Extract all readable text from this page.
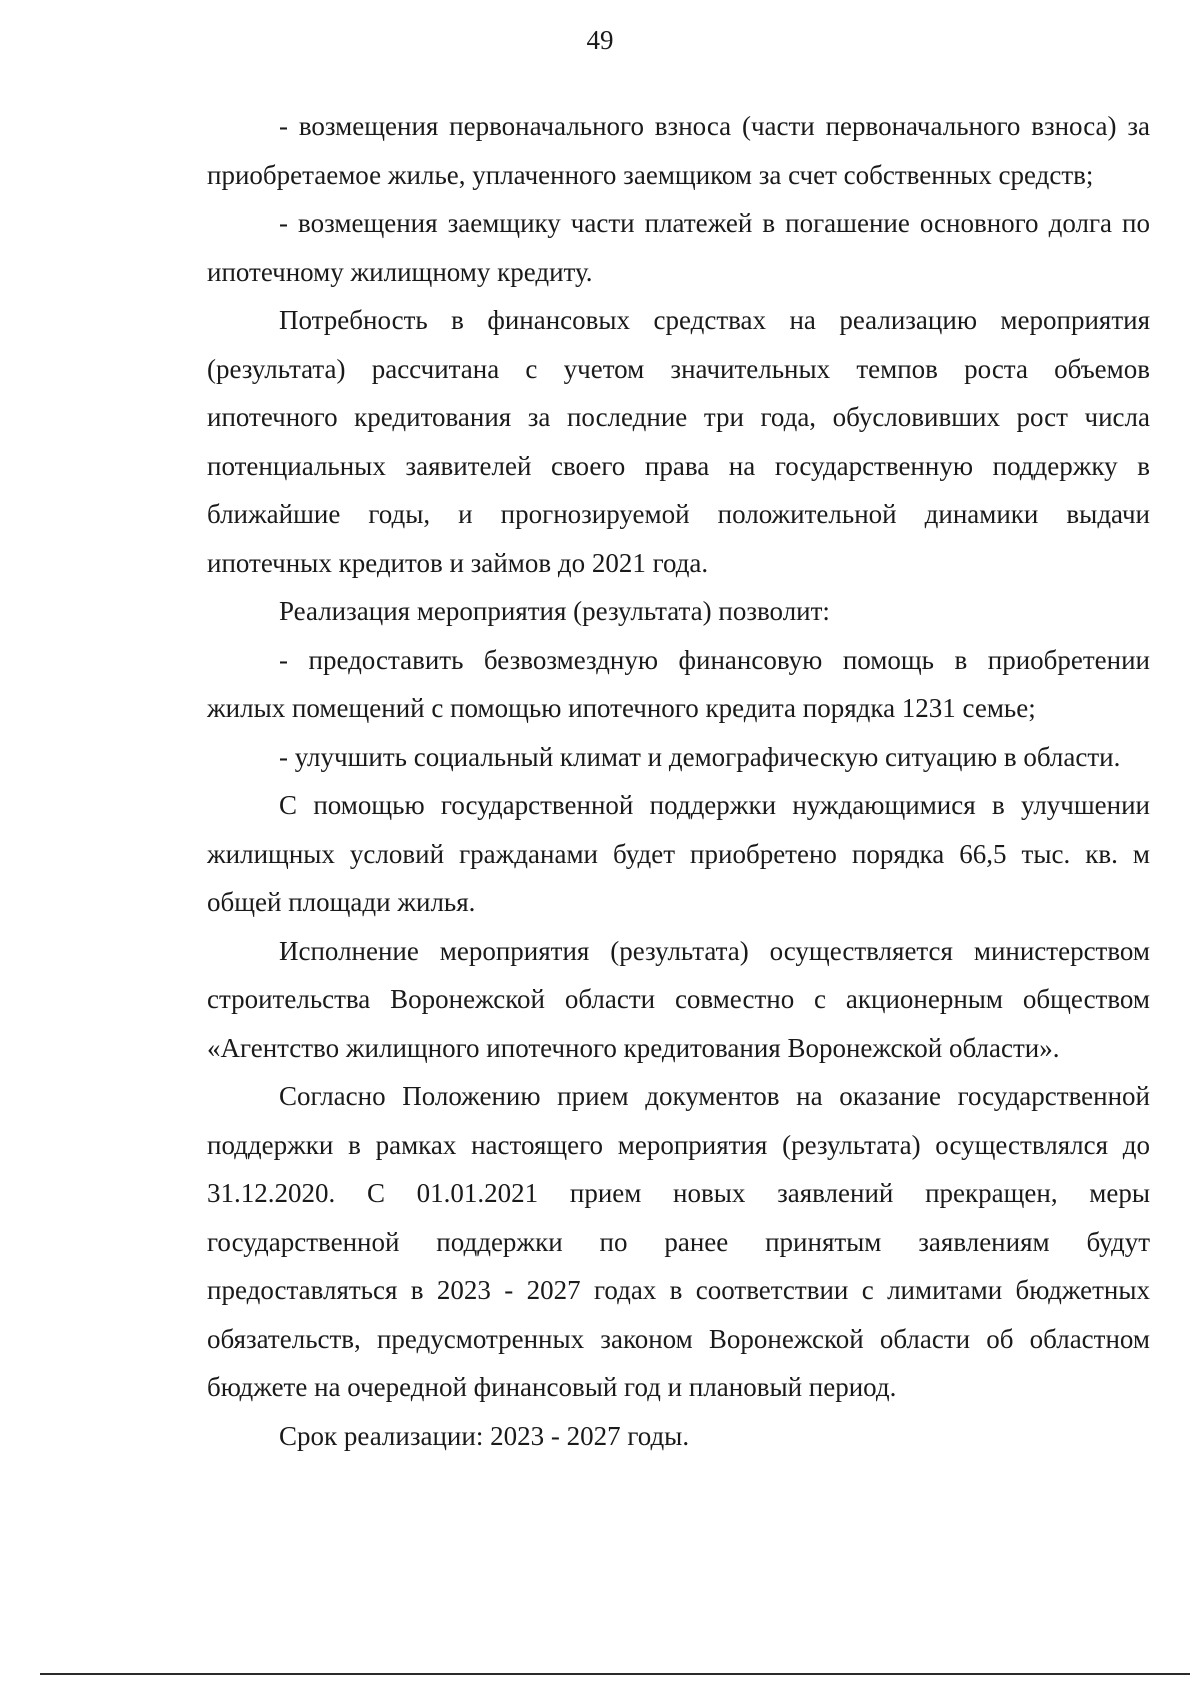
49

- возмещения первоначального взноса (части первоначального взноса) за приобретаемое жилье, уплаченного заемщиком за счет собственных средств;

- возмещения заемщику части платежей в погашение основного долга по ипотечному жилищному кредиту.

Потребность в финансовых средствах на реализацию мероприятия (результата) рассчитана с учетом значительных темпов роста объемов ипотечного кредитования за последние три года, обусловивших рост числа потенциальных заявителей своего права на государственную поддержку в ближайшие годы, и прогнозируемой положительной динамики выдачи ипотечных кредитов и займов до 2021 года.

Реализация мероприятия (результата) позволит:

- предоставить безвозмездную финансовую помощь в приобретении жилых помещений с помощью ипотечного кредита порядка 1231 семье;

- улучшить социальный климат и демографическую ситуацию в области.

С помощью государственной поддержки нуждающимися в улучшении жилищных условий гражданами будет приобретено порядка 66,5 тыс. кв. м общей площади жилья.

Исполнение мероприятия (результата) осуществляется министерством строительства Воронежской области совместно с акционерным обществом «Агентство жилищного ипотечного кредитования Воронежской области».

Согласно Положению прием документов на оказание государственной поддержки в рамках настоящего мероприятия (результата) осуществлялся до 31.12.2020. С 01.01.2021 прием новых заявлений прекращен, меры государственной поддержки по ранее принятым заявлениям будут предоставляться в 2023 - 2027 годах в соответствии с лимитами бюджетных обязательств, предусмотренных законом Воронежской области об областном бюджете на очередной финансовый год и плановый период.

Срок реализации: 2023 - 2027 годы.
